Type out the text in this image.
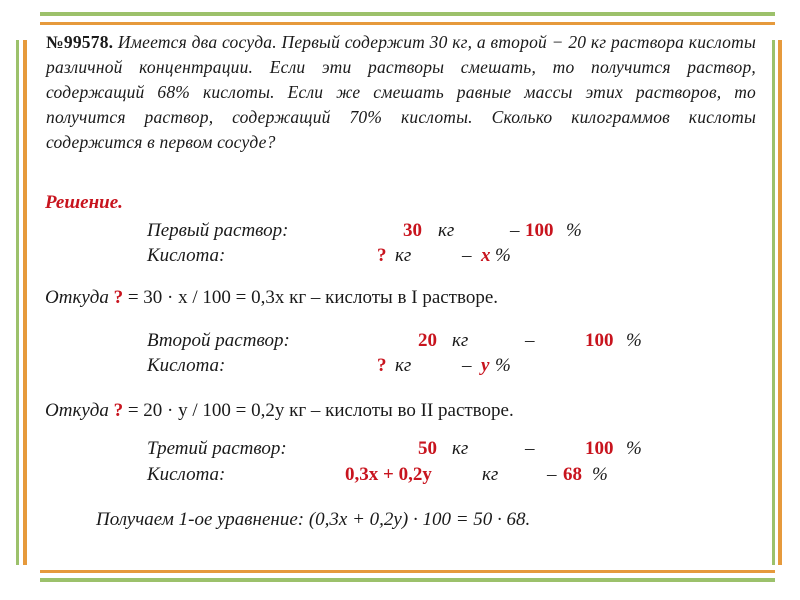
№99578. Имеется два сосуда. Первый содержит 30 кг, а второй − 20 кг раствора кислоты различной концентрации. Если эти растворы смешать, то получится раствор, содержащий 68% кислоты. Если же смешать равные массы этих растворов, то получится раствор, содержащий 70% кислоты. Сколько килограммов кислоты содержится в первом сосуде?
Решение.
Первый раствор:	30 кг	– 100 %
Кислота:	? кг	– x %
Откуда ? = 30 · x / 100 = 0,3x кг – кислоты в I растворе.
Второй раствор:	20 кг	–	100 %
Кислота:	? кг	– y %
Откуда ? = 20 · y / 100 = 0,2y кг – кислоты во II растворе.
Третий раствор:	50 кг	–	100 %
Кислота:	0,3x + 0,2y	кг	– 68 %
Получаем 1-ое уравнение: (0,3x + 0,2y) · 100 = 50 · 68.
